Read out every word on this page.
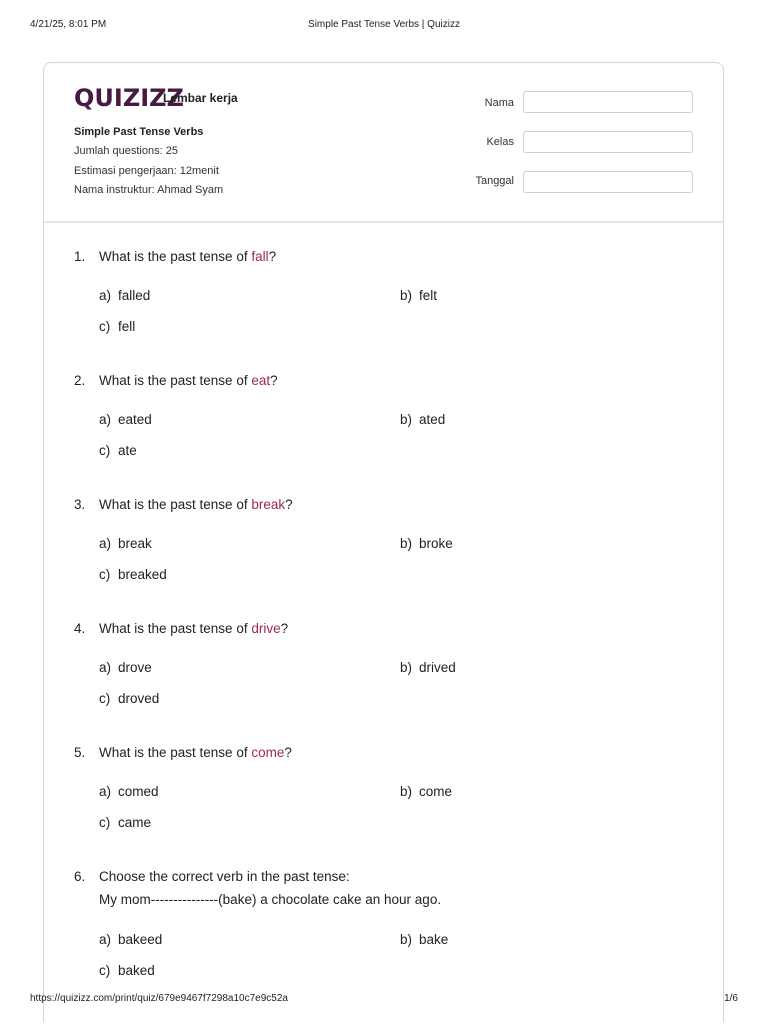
4/21/25, 8:01 PM	Simple Past Tense Verbs | Quizizz
QUIZIZZ
Lembar kerja
Simple Past Tense Verbs
Jumlah questions: 25
Estimasi pengerjaan: 12menit
Nama instruktur: Ahmad Syam
Nama
Kelas
Tanggal
1. What is the past tense of fall?
a) falled	b) felt
c) fell
2. What is the past tense of eat?
a) eated	b) ated
c) ate
3. What is the past tense of break?
a) break	b) broke
c) breaked
4. What is the past tense of drive?
a) drove	b) drived
c) droved
5. What is the past tense of come?
a) comed	b) come
c) came
6. Choose the correct verb in the past tense:
My mom---------------(bake) a chocolate cake an hour ago.
a) bakeed	b) bake
c) baked
https://quizizz.com/print/quiz/679e9467f7298a10c7e9c52a	1/6
